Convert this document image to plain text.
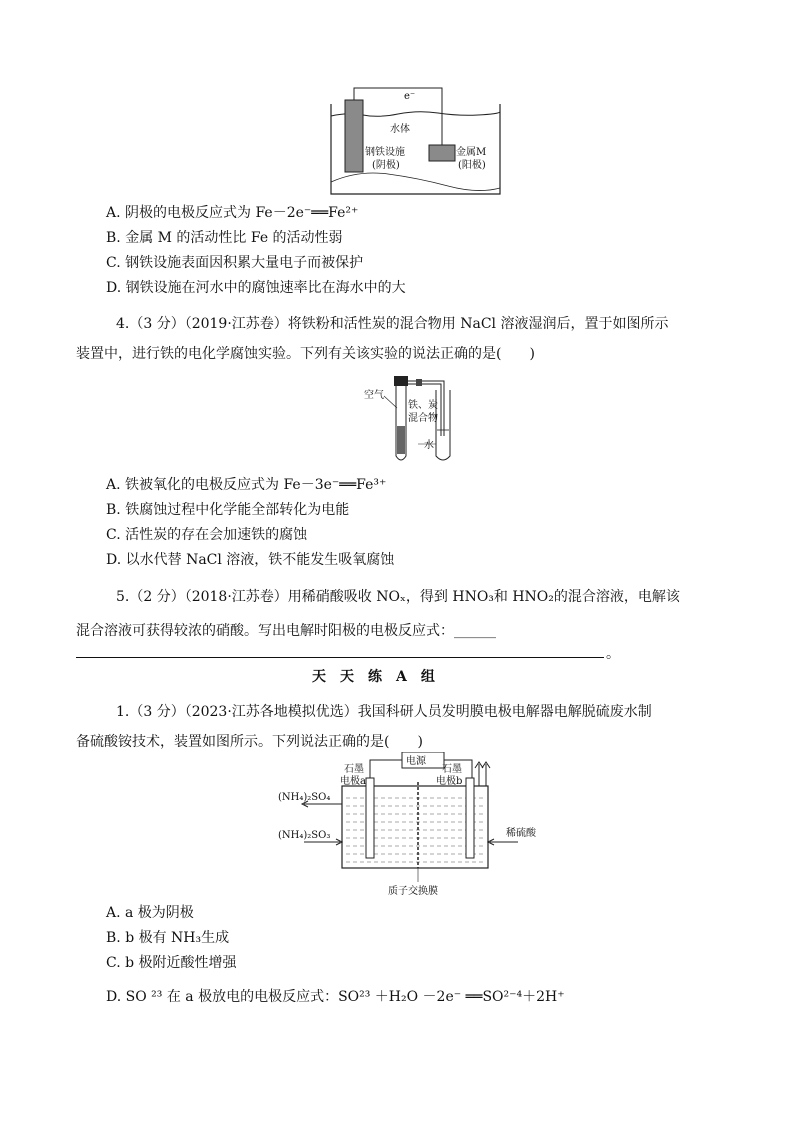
e⁻
水体
钢铁设施
(阴极)
金属M
(阳极)
A. 阴极的电极反应式为 Fe－2e⁻══Fe²⁺
B. 金属 M 的活动性比 Fe 的活动性弱
C. 钢铁设施表面因积累大量电子而被保护
D. 钢铁设施在河水中的腐蚀速率比在海水中的大
4.（3 分）（2019·江苏卷）将铁粉和活性炭的混合物用 NaCl 溶液湿润后，置于如图所示
装置中，进行铁的电化学腐蚀实验。下列有关该实验的说法正确的是(　　)
空气
铁、炭
混合物
水
A. 铁被氧化的电极反应式为 Fe－3e⁻══Fe³⁺
B. 铁腐蚀过程中化学能全部转化为电能
C. 活性炭的存在会加速铁的腐蚀
D. 以水代替 NaCl 溶液，铁不能发生吸氧腐蚀
5.（2 分）（2018·江苏卷）用稀硝酸吸收 NOₓ，得到 HNO₃和 HNO₂的混合溶液，电解该
混合溶液可获得较浓的硝酸。写出电解时阳极的电极反应式：______
。
天　天　练　A　组
1.（3 分）（2023·江苏各地模拟优选）我国科研人员发明膜电极电解器电解脱硫废水制
备硫酸铵技术，装置如图所示。下列说法正确的是(　　)
电源
石墨
电极a
石墨
电极b
(NH₄)₂SO₄
(NH₄)₂SO₃	稀硫酸
质子交换膜
A. a 极为阴极
B. b 极有 NH₃生成
C. b 极附近酸性增强
D. SO ²³ 在 a 极放电的电极反应式：SO²³ ＋H₂O －2e⁻ ══SO²⁻⁴＋2H⁺
